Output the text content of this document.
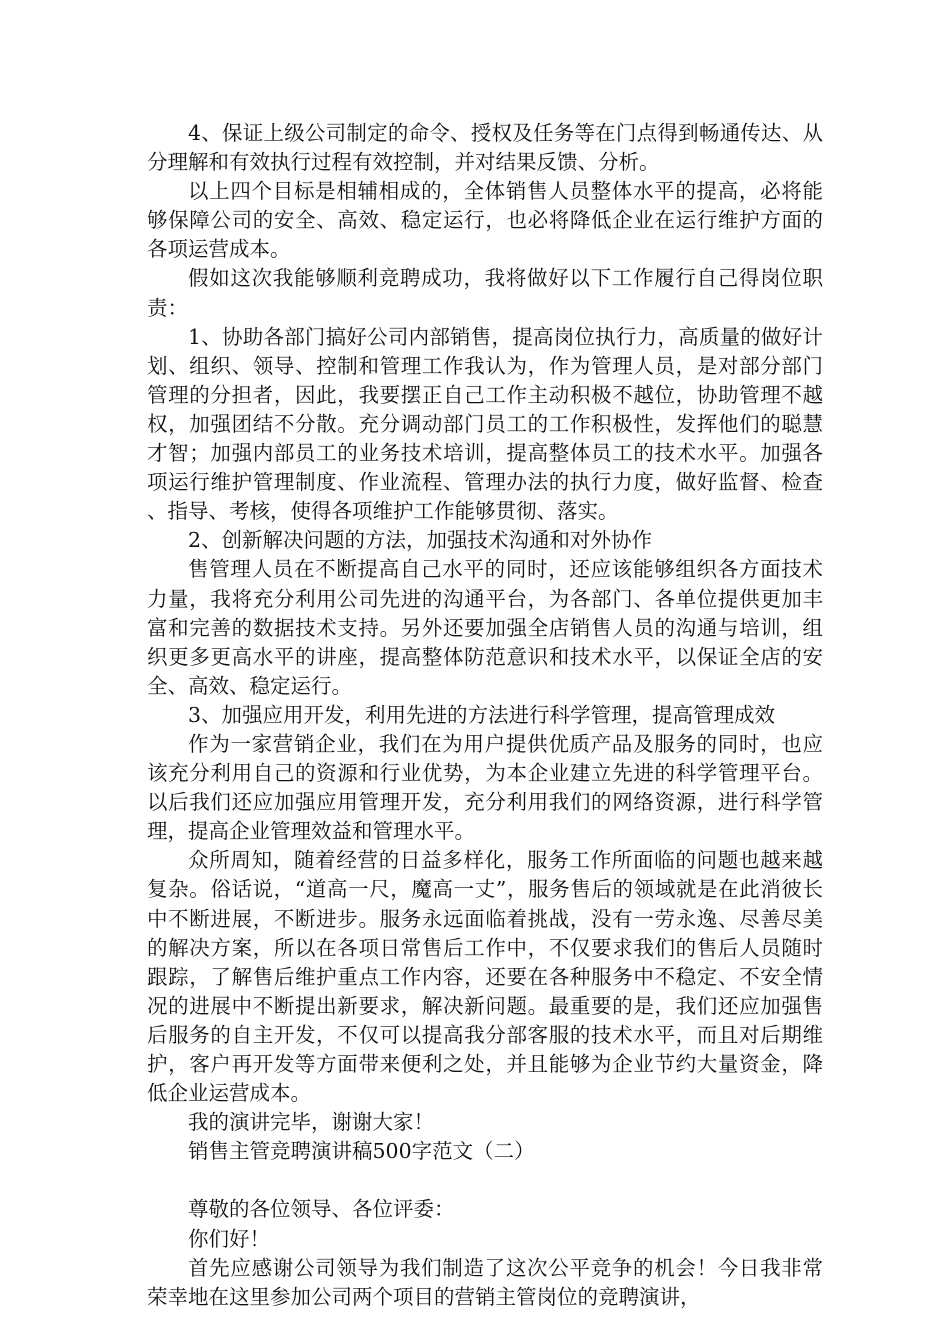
4、保证上级公司制定的命令、授权及任务等在门点得到畅通传达、从分理解和有效执行过程有效控制，并对结果反馈、分析。

以上四个目标是相辅相成的，全体销售人员整体水平的提高，必将能够保障公司的安全、高效、稳定运行，也必将降低企业在运行维护方面的各项运营成本。

假如这次我能够顺利竞聘成功，我将做好以下工作履行自己得岗位职责：

1、协助各部门搞好公司内部销售，提高岗位执行力，高质量的做好计划、组织、领导、控制和管理工作我认为，作为管理人员，是对部分部门管理的分担者，因此，我要摆正自己工作主动积极不越位，协助管理不越权，加强团结不分散。充分调动部门员工的工作积极性，发挥他们的聪慧才智；加强内部员工的业务技术培训，提高整体员工的技术水平。加强各项运行维护管理制度、作业流程、管理办法的执行力度，做好监督、检查、指导、考核，使得各项维护工作能够贯彻、落实。

2、创新解决问题的方法，加强技术沟通和对外协作

售管理人员在不断提高自己水平的同时，还应该能够组织各方面技术力量，我将充分利用公司先进的沟通平台，为各部门、各单位提供更加丰富和完善的数据技术支持。另外还要加强全店销售人员的沟通与培训，组织更多更高水平的讲座，提高整体防范意识和技术水平，以保证全店的安全、高效、稳定运行。

3、加强应用开发，利用先进的方法进行科学管理，提高管理成效

作为一家营销企业，我们在为用户提供优质产品及服务的同时，也应该充分利用自己的资源和行业优势，为本企业建立先进的科学管理平台。以后我们还应加强应用管理开发，充分利用我们的网络资源，进行科学管理，提高企业管理效益和管理水平。

众所周知，随着经营的日益多样化，服务工作所面临的问题也越来越复杂。俗话说，“道高一尺，魔高一丈”，服务售后的领域就是在此消彼长中不断进展，不断进步。服务永远面临着挑战，没有一劳永逸、尽善尽美的解决方案，所以在各项日常售后工作中，不仅要求我们的售后人员随时跟踪，了解售后维护重点工作内容，还要在各种服务中不稳定、不安全情况的进展中不断提出新要求，解决新问题。最重要的是，我们还应加强售后服务的自主开发，不仅可以提高我分部客服的技术水平，而且对后期维护，客户再开发等方面带来便利之处，并且能够为企业节约大量资金，降低企业运营成本。

我的演讲完毕，谢谢大家！

销售主管竞聘演讲稿500字范文（二）

尊敬的各位领导、各位评委：

你们好！

首先应感谢公司领导为我们制造了这次公平竞争的机会！今日我非常荣幸地在这里参加公司两个项目的营销主管岗位的竞聘演讲，
